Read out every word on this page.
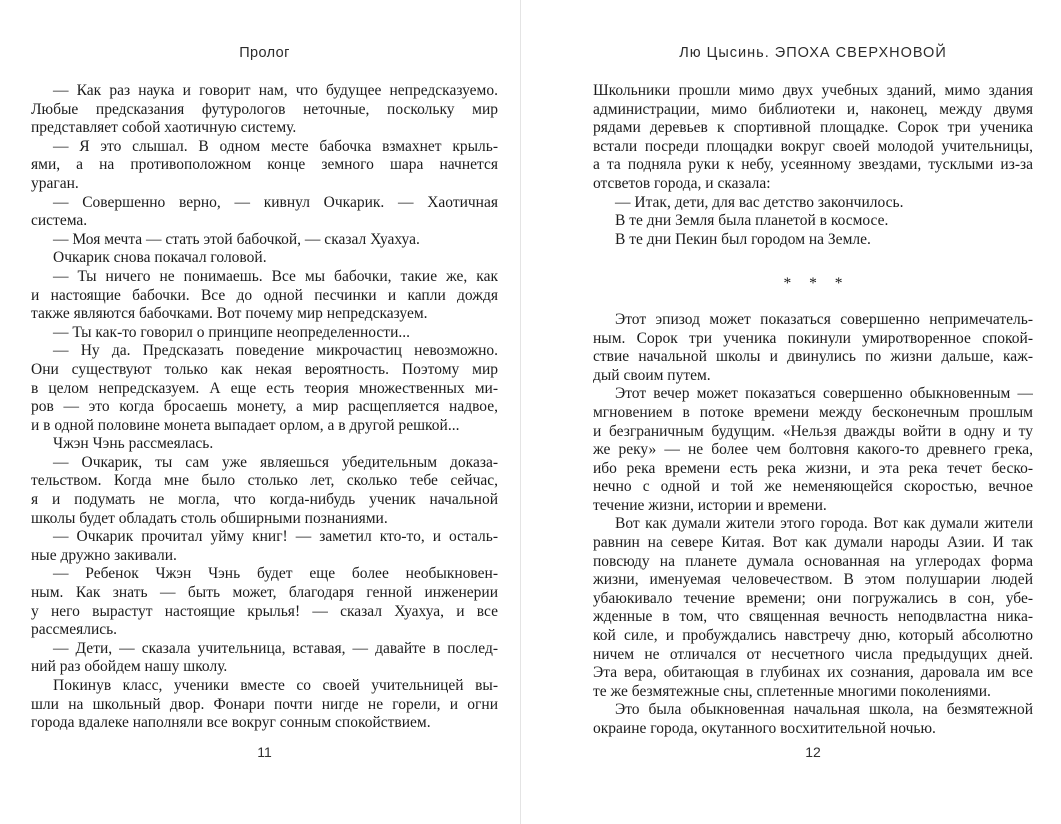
Пролог
— Как раз наука и говорит нам, что будущее непредсказуемо.
Любые предсказания футурологов неточные, поскольку мир
представляет собой хаотичную систему.
— Я это слышал. В одном месте бабочка взмахнет крыль-
ями, а на противоположном конце земного шара начнется
ураган.
— Совершенно верно, — кивнул Очкарик. — Хаотичная
система.
— Моя мечта — стать этой бабочкой, — сказал Хуахуа.
Очкарик снова покачал головой.
— Ты ничего не понимаешь. Все мы бабочки, такие же, как
и настоящие бабочки. Все до одной песчинки и капли дождя
также являются бабочками. Вот почему мир непредсказуем.
— Ты как-то говорил о принципе неопределенности...
— Ну да. Предсказать поведение микрочастиц невозможно.
Они существуют только как некая вероятность. Поэтому мир
в целом непредсказуем. А еще есть теория множественных ми-
ров — это когда бросаешь монету, а мир расщепляется надвое,
и в одной половине монета выпадает орлом, а в другой решкой...
Чжэн Чэнь рассмеялась.
— Очкарик, ты сам уже являешься убедительным доказа-
тельством. Когда мне было столько лет, сколько тебе сейчас,
я и подумать не могла, что когда-нибудь ученик начальной
школы будет обладать столь обширными познаниями.
— Очкарик прочитал уйму книг! — заметил кто-то, и осталь-
ные дружно закивали.
— Ребенок Чжэн Чэнь будет еще более необыкновен-
ным. Как знать — быть может, благодаря генной инженерии
у него вырастут настоящие крылья! — сказал Хуахуа, и все
рассмеялись.
— Дети, — сказала учительница, вставая, — давайте в послед-
ний раз обойдем нашу школу.
Покинув класс, ученики вместе со своей учительницей вы-
шли на школьный двор. Фонари почти нигде не горели, и огни
города вдалеке наполняли все вокруг сонным спокойствием.
11
Лю Цысинь. ЭПОХА СВЕРХНОВОЙ
Школьники прошли мимо двух учебных зданий, мимо здания
администрации, мимо библиотеки и, наконец, между двумя
рядами деревьев к спортивной площадке. Сорок три ученика
встали посреди площадки вокруг своей молодой учительницы,
а та подняла руки к небу, усеянному звездами, тусклыми из-за
отсветов города, и сказала:
— Итак, дети, для вас детство закончилось.
В те дни Земля была планетой в космосе.
В те дни Пекин был городом на Земле.
* * *
Этот эпизод может показаться совершенно непримечатель-
ным. Сорок три ученика покинули умиротворенное спокой-
ствие начальной школы и двинулись по жизни дальше, каж-
дый своим путем.
Этот вечер может показаться совершенно обыкновенным —
мгновением в потоке времени между бесконечным прошлым
и безграничным будущим. «Нельзя дважды войти в одну и ту
же реку» — не более чем болтовня какого-то древнего грека,
ибо река времени есть река жизни, и эта река течет беско-
нечно с одной и той же неменяющейся скоростью, вечное
течение жизни, истории и времени.
Вот как думали жители этого города. Вот как думали жители
равнин на севере Китая. Вот как думали народы Азии. И так
повсюду на планете думала основанная на углеродах форма
жизни, именуемая человечеством. В этом полушарии людей
убаюкивало течение времени; они погружались в сон, убе-
жденные в том, что священная вечность неподвластна ника-
кой силе, и пробуждались навстречу дню, который абсолютно
ничем не отличался от несчетного числа предыдущих дней.
Эта вера, обитающая в глубинах их сознания, даровала им все
те же безмятежные сны, сплетенные многими поколениями.
Это была обыкновенная начальная школа, на безмятежной
окраине города, окутанного восхитительной ночью.
12
